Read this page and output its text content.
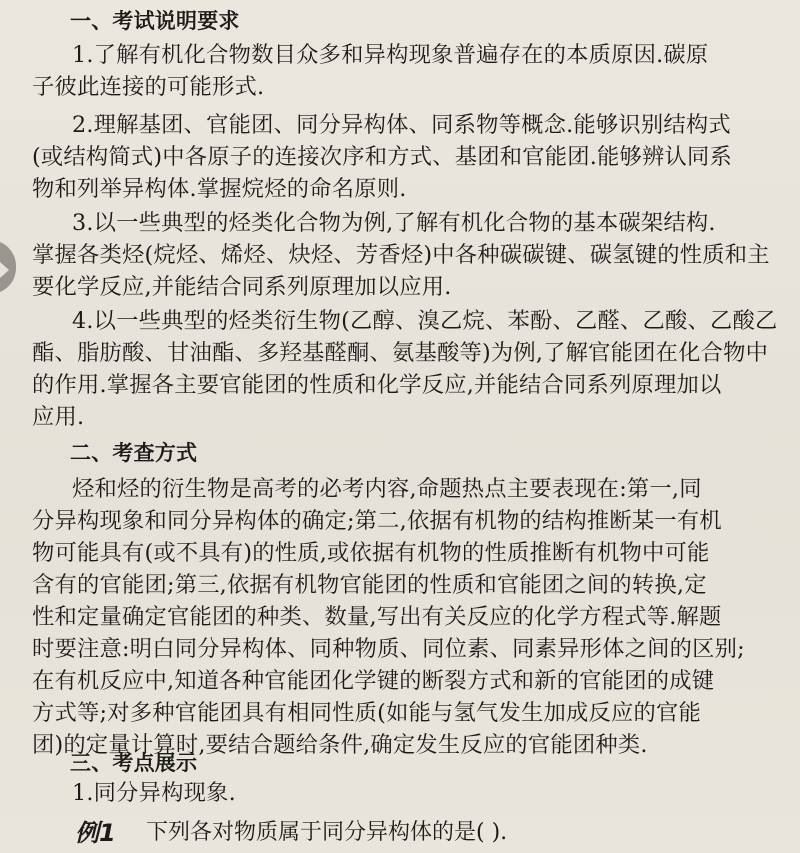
一、考试说明要求
1.了解有机化合物数目众多和异构现象普遍存在的本质原因.碳原
子彼此连接的可能形式.
2.理解基团、官能团、同分异构体、同系物等概念.能够识别结构式
(或结构简式)中各原子的连接次序和方式、基团和官能团.能够辨认同系
物和列举异构体.掌握烷烃的命名原则.
3.以一些典型的烃类化合物为例,了解有机化合物的基本碳架结构.
掌握各类烃(烷烃、烯烃、炔烃、芳香烃)中各种碳碳键、碳氢键的性质和主
要化学反应,并能结合同系列原理加以应用.
4.以一些典型的烃类衍生物(乙醇、溴乙烷、苯酚、乙醛、乙酸、乙酸乙
酯、脂肪酸、甘油酯、多羟基醛酮、氨基酸等)为例,了解官能团在化合物中
的作用.掌握各主要官能团的性质和化学反应,并能结合同系列原理加以
应用.
二、考查方式
烃和烃的衍生物是高考的必考内容,命题热点主要表现在:第一,同
分异构现象和同分异构体的确定;第二,依据有机物的结构推断某一有机
物可能具有(或不具有)的性质,或依据有机物的性质推断有机物中可能
含有的官能团;第三,依据有机物官能团的性质和官能团之间的转换,定
性和定量确定官能团的种类、数量,写出有关反应的化学方程式等.解题
时要注意:明白同分异构体、同种物质、同位素、同素异形体之间的区别;
在有机反应中,知道各种官能团化学键的断裂方式和新的官能团的成键
方式等;对多种官能团具有相同性质(如能与氢气发生加成反应的官能
团)的定量计算时,要结合题给条件,确定发生反应的官能团种类.
三、考点展示
1.同分异构现象.
例1 下列各对物质属于同分异构体的是( ).
